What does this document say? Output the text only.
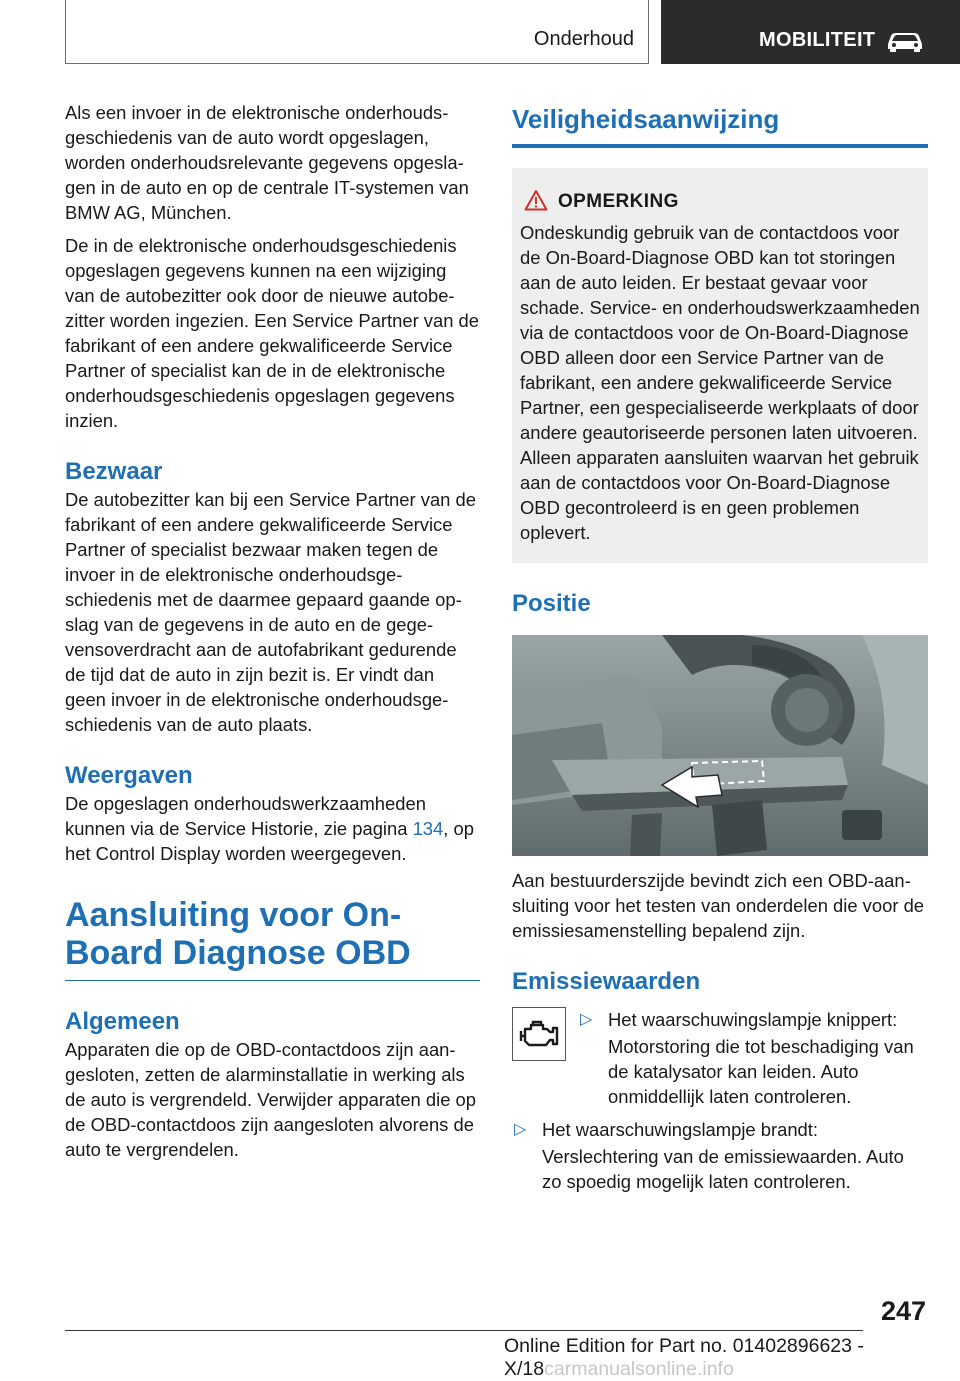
Onderhoud	MOBILITEIT

Als een invoer in de elektronische onderhoudsgeschiedenis van de auto wordt opgeslagen, worden onderhoudsrelevante gegevens opgeslagen in de auto en op de centrale IT-systemen van BMW AG, München.

De in de elektronische onderhoudsgeschiedenis opgeslagen gegevens kunnen na een wijziging van de autobezitter ook door de nieuwe autobezitter worden ingezien. Een Service Partner van de fabrikant of een andere gekwalificeerde Service Partner of specialist kan de in de elektronische onderhoudsgeschiedenis opgeslagen gegevens inzien.

Bezwaar

De autobezitter kan bij een Service Partner van de fabrikant of een andere gekwalificeerde Service Partner of specialist bezwaar maken tegen de invoer in de elektronische onderhoudsgeschiedenis met de daarmee gepaard gaande opslag van de gegevens in de auto en de gegevensoverdracht aan de autofabrikant gedurende de tijd dat de auto in zijn bezit is. Er vindt dan geen invoer in de elektronische onderhoudsgeschiedenis van de auto plaats.

Weergaven

De opgeslagen onderhoudswerkzaamheden kunnen via de Service Historie, zie pagina 134, op het Control Display worden weergegeven.

Aansluiting voor On-Board Diagnose OBD
Algemeen

Apparaten die op de OBD-contactdoos zijn aangesloten, zetten de alarminstallatie in werking als de auto is vergrendeld. Verwijder apparaten die op de OBD-contactdoos zijn aangesloten alvorens de auto te vergrendelen.

Veiligheidsaanwijzing
OPMERKING

Ondeskundig gebruik van de contactdoos voor de On-Board-Diagnose OBD kan tot storingen aan de auto leiden. Er bestaat gevaar voor schade. Service- en onderhoudswerkzaamheden via de contactdoos voor de On-Board-Diagnose OBD alleen door een Service Partner van de fabrikant, een andere gekwalificeerde Service Partner, een gespecialiseerde werkplaats of door andere geautoriseerde personen laten uitvoeren. Alleen apparaten aansluiten waarvan het gebruik aan de contactdoos voor On-Board-Diagnose OBD gecontroleerd is en geen problemen oplevert.

Positie

Aan bestuurderszijde bevindt zich een OBD-aansluiting voor het testen van onderdelen die voor de emissiesamenstelling bepalend zijn.

Emissiewaarden
▷ Het waarschuwingslampje knippert:

Motorstoring die tot beschadiging van de katalysator kan leiden. Auto onmiddellijk laten controleren.

▷ Het waarschuwingslampje brandt:

Verslechtering van de emissiewaarden. Auto zo spoedig mogelijk laten controleren.

247
Online Edition for Part no. 01402896623 - X/18carmanualsonline.info
